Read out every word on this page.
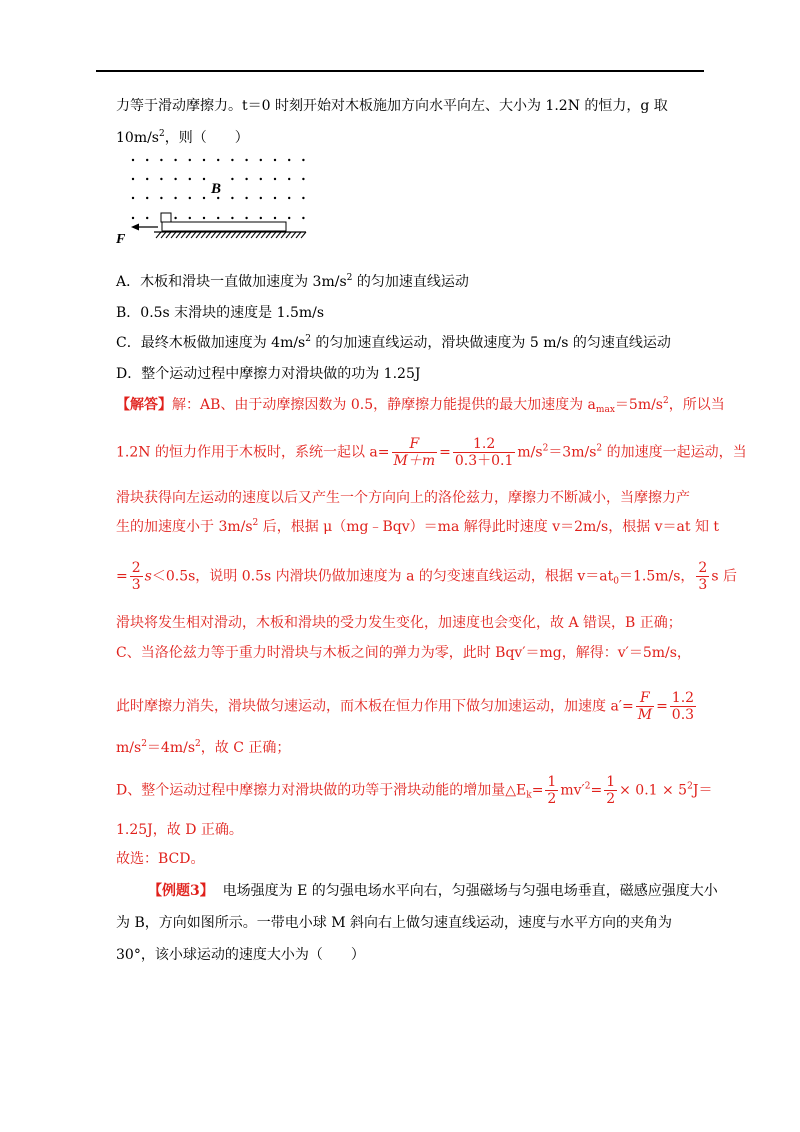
力等于滑动摩擦力。t＝0 时刻开始对木板施加方向水平向左、大小为 1.2N 的恒力，g 取
$10m/s^2$，则（　　）
F
B
A．木板和滑块一直做加速度为 $3m/s^2$ 的匀加速直线运动
B．0.5s 末滑块的速度是 1.5m/s
C．最终木板做加速度为 $4m/s^2$ 的匀加速直线运动，滑块做速度为 5 m/s 的匀速直线运动
D．整个运动过程中摩擦力对滑块做的功为 1.25J
【解答】解：AB、由于动摩擦因数为 0.5，静摩擦力能提供的最大加速度为 $a_{max}=5m/s^2$，所以当
1.2N 的恒力作用于木板时，系统一起以 $a= \frac{F}{M+m} = \frac{1.2}{0.3+0.1} m/s^2=3m/s^2$ 的加速度一起运动，当
滑块获得向左运动的速度以后又产生一个方向向上的洛伦兹力，摩擦力不断减小，当摩擦力产
生的加速度小于 $3m/s^2$ 后，根据 μ（mg﹣Bqv）＝ma 解得此时速度 v＝2m/s，根据 v＝at 知 t
= $\frac{2}{3} s<0.5s$，说明 0.5s 内滑块仍做加速度为 a 的匀变速直线运动，根据 $v=at_0=1.5m/s$， $\frac{2}{3}$ s 后
滑块将发生相对滑动，木板和滑块的受力发生变化，加速度也会变化，故 A 错误，B 正确；
C、当洛伦兹力等于重力时滑块与木板之间的弹力为零，此时 Bqv′＝mg，解得：v′＝5m/s，
此时摩擦力消失，滑块做匀速运动，而木板在恒力作用下做匀加速运动，加速度 $a'= \frac{F}{M} = \frac{1.2}{0.3}$
$m/s^2=4m/s^2$，故 C 正确；
D、整个运动过程中摩擦力对滑块做的功等于滑块动能的增加量$\triangle E_k= \frac{1}{2} mv'^2= \frac{1}{2} \times 0.1 \times 5^2J=$
1.25J，故 D 正确。
故选：BCD。
【例题3】 电场强度为 E 的匀强电场水平向右，匀强磁场与匀强电场垂直，磁感应强度大小
为 B，方向如图所示。一带电小球 M 斜向右上做匀速直线运动，速度与水平方向的夹角为
30°，该小球运动的速度大小为（　　）
